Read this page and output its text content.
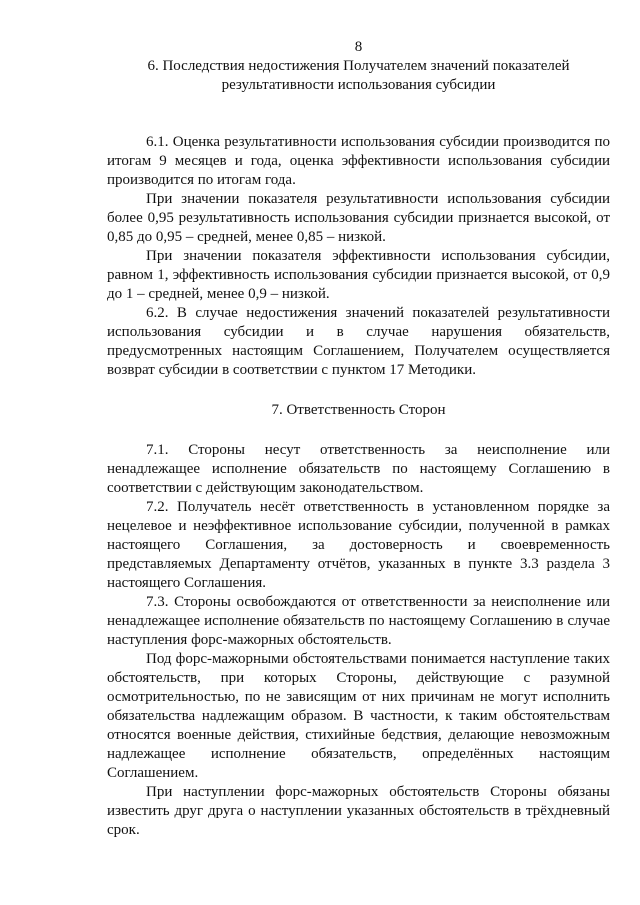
8
6. Последствия недостижения Получателем значений показателей
результативности использования субсидии

6.1. Оценка результативности использования субсидии производится по итогам 9 месяцев и года, оценка эффективности использования субсидии производится по итогам года.

При значении показателя результативности использования субсидии более 0,95 результативность использования субсидии признается высокой, от 0,85 до 0,95 – средней, менее 0,85 – низкой.

При значении показателя эффективности использования субсидии, равном 1, эффективность использования субсидии признается высокой, от 0,9 до 1 – средней, менее 0,9 – низкой.

6.2. В случае недостижения значений показателей результативности использования субсидии и в случае нарушения обязательств, предусмотренных настоящим Соглашением, Получателем осуществляется возврат субсидии в соответствии с пунктом 17 Методики.

7. Ответственность Сторон

7.1. Стороны несут ответственность за неисполнение или ненадлежащее исполнение обязательств по настоящему Соглашению в соответствии с действующим законодательством.

7.2. Получатель несёт ответственность в установленном порядке за нецелевое и неэффективное использование субсидии, полученной в рамках настоящего Соглашения, за достоверность и своевременность представляемых Департаменту отчётов, указанных в пункте 3.3 раздела 3 настоящего Соглашения.

7.3. Стороны освобождаются от ответственности за неисполнение или ненадлежащее исполнение обязательств по настоящему Соглашению в случае наступления форс-мажорных обстоятельств.

Под форс-мажорными обстоятельствами понимается наступление таких обстоятельств, при которых Стороны, действующие с разумной осмотрительностью, по не зависящим от них причинам не могут исполнить обязательства надлежащим образом. В частности, к таким обстоятельствам относятся военные действия, стихийные бедствия, делающие невозможным надлежащее исполнение обязательств, определённых настоящим Соглашением.

При наступлении форс-мажорных обстоятельств Стороны обязаны известить друг друга о наступлении указанных обстоятельств в трёхдневный срок.
